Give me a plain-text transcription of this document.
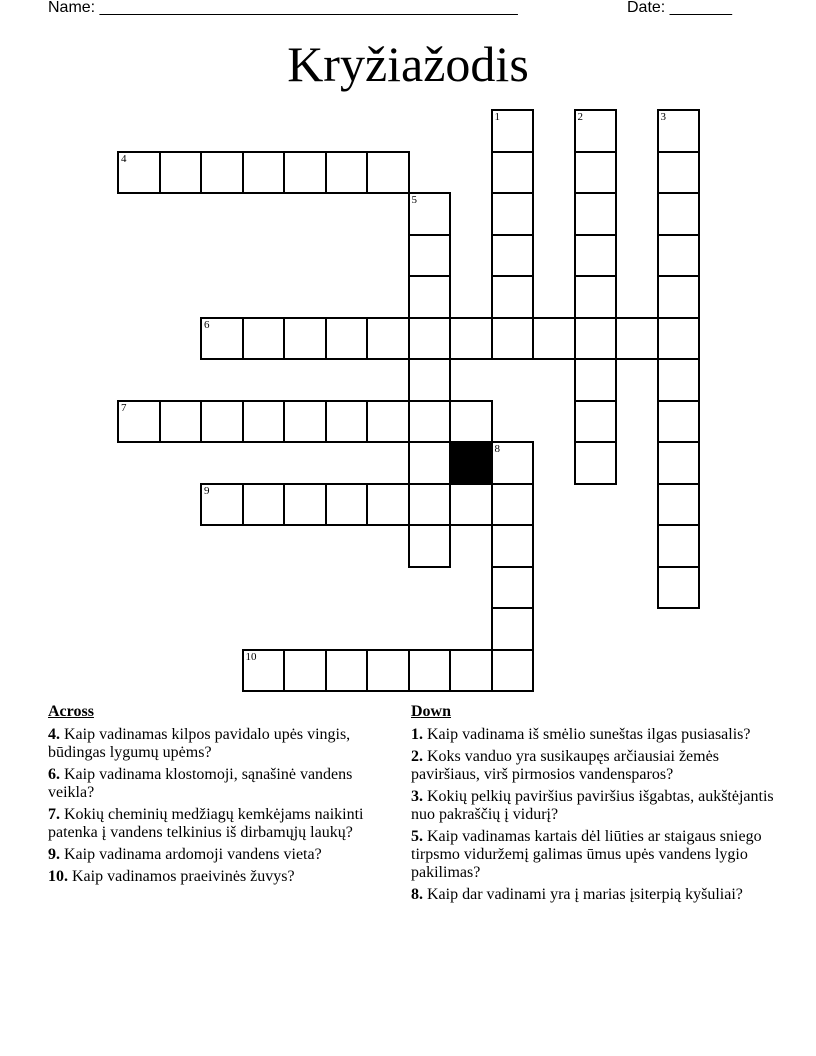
Name: _______________________________________________	Date: _______
Kryžiažodis
1	2	3
4
5
6
7
8
9
10
Across
4. Kaip vadinamas kilpos pavidalo upės vingis, būdingas lygumų upėms?
6. Kaip vadinama klostomoji, sąnašinė vandens veikla?
7. Kokių cheminių medžiagų kemkėjams naikinti patenka į vandens telkinius iš dirbamųjų laukų?
9. Kaip vadinama ardomoji vandens vieta?
10. Kaip vadinamos praeivinės žuvys?
Down
1. Kaip vadinama iš smėlio suneštas ilgas pusiasalis?
2. Koks vanduo yra susikaupęs arčiausiai žemės paviršiaus, virš pirmosios vandensparos?
3. Kokių pelkių paviršius paviršius išgabtas, aukštėjantis nuo pakraščių į vidurį?
5. Kaip vadinamas kartais dėl liūties ar staigaus sniego tirpsmo viduržemį galimas ūmus upės vandens lygio pakilimas?
8. Kaip dar vadinami yra į marias įsiterpią kyšuliai?
